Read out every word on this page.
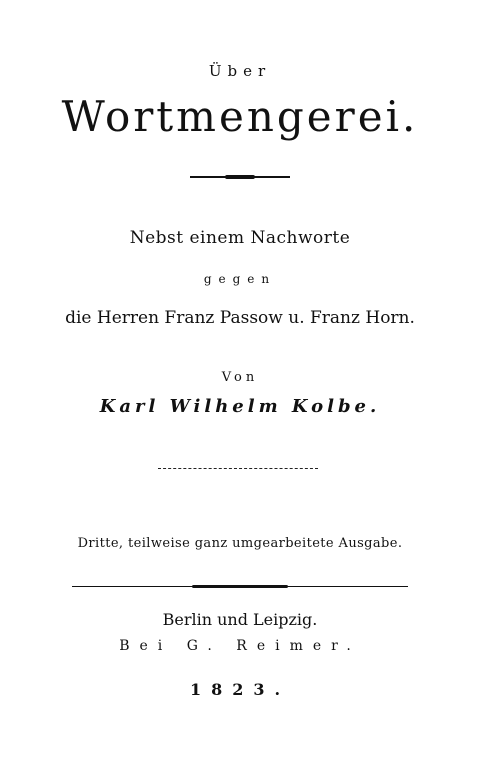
Über
Wortmengerei.
Nebst einem Nachworte
gegen
die Herren Franz Passow u. Franz Horn.
Von
Karl Wilhelm Kolbe.
Dritte, teilweise ganz umgearbeitete Ausgabe.
Berlin und Leipzig.
Bei G. Reimer.
1823.
